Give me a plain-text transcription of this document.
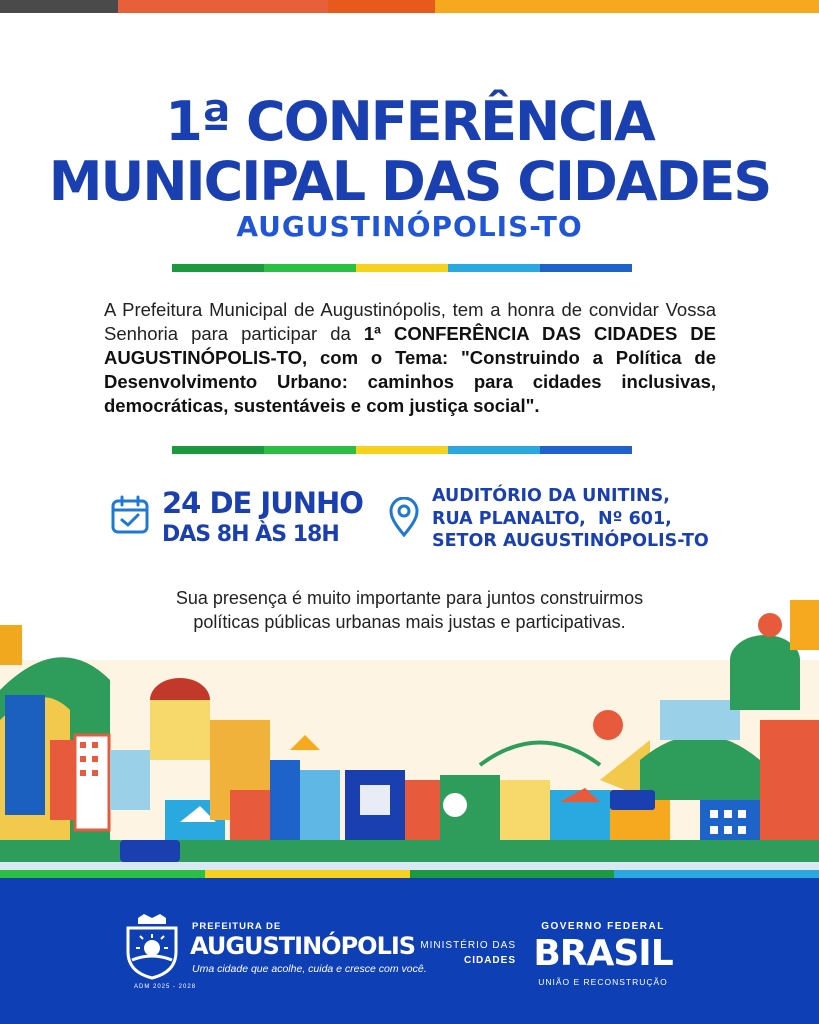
1ª CONFERÊNCIA
MUNICIPAL DAS CIDADES
AUGUSTINÓPOLIS-TO
A Prefeitura Municipal de Augustinópolis, tem a honra de convidar Vossa Senhoria para participar da 1ª CONFERÊNCIA DAS CIDADES DE AUGUSTINÓPOLIS-TO, com o Tema: "Construindo a Política de Desenvolvimento Urbano: caminhos para cidades inclusivas, democráticas, sustentáveis e com justiça social".
24 DE JUNHO
DAS 8H ÀS 18H
AUDITÓRIO DA UNITINS,
RUA PLANALTO,  Nº 601,
SETOR AUGUSTINÓPOLIS-TO
Sua presença é muito importante para juntos construirmos
políticas públicas urbanas mais justas e participativas.
PREFEITURA DE
AUGUSTINÓPOLIS
Uma cidade que acolhe, cuida e cresce com você.
ADM 2025 - 2028
MINISTÉRIO DAS
CIDADES
GOVERNO FEDERAL
BRASIL
UNIÃO E RECONSTRUÇÃO
